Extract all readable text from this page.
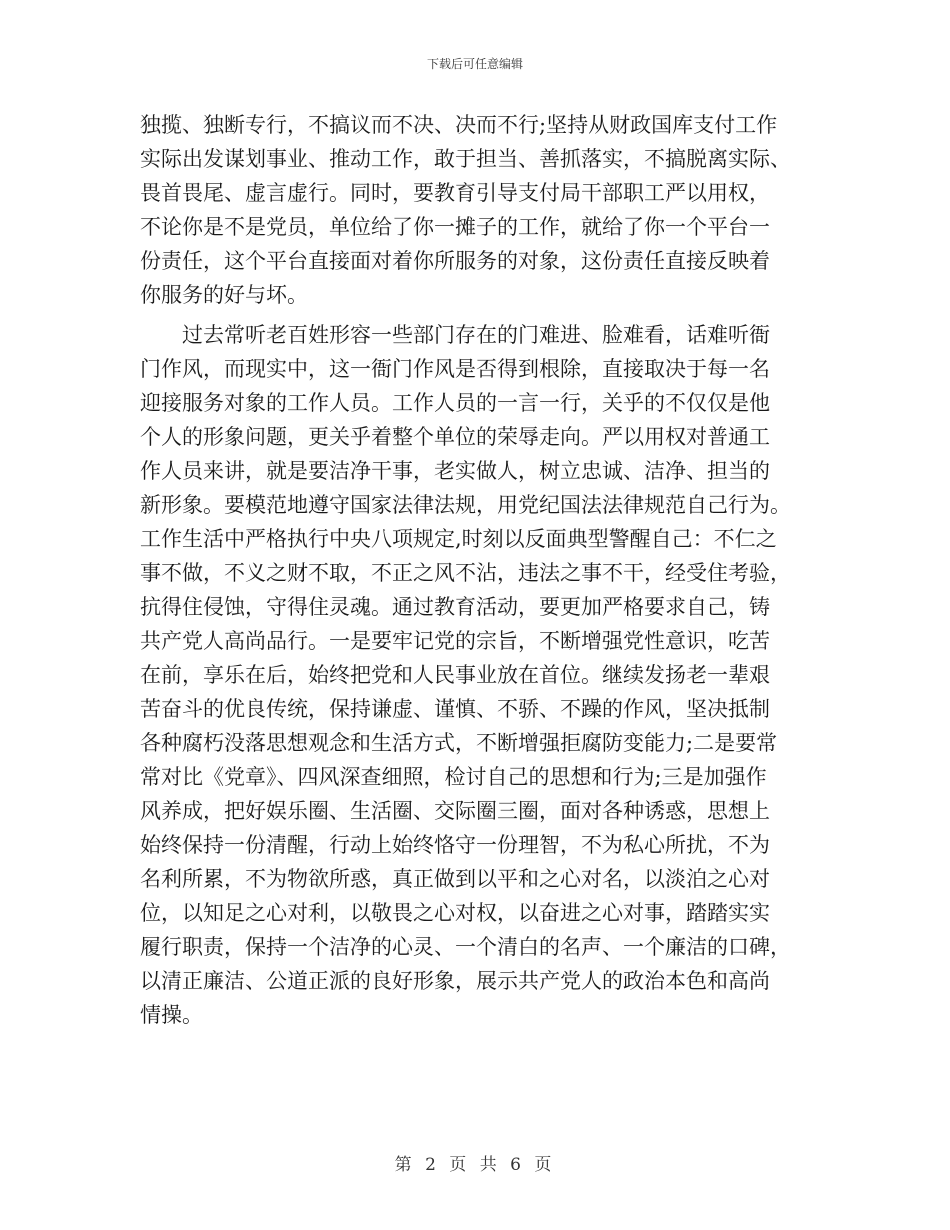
下载后可任意编辑
独揽、独断专行，不搞议而不决、决而不行;坚持从财政国库支付工作
实际出发谋划事业、推动工作，敢于担当、善抓落实，不搞脱离实际、
畏首畏尾、虚言虚行。同时，要教育引导支付局干部职工严以用权，
不论你是不是党员，单位给了你一摊子的工作，就给了你一个平台一
份责任，这个平台直接面对着你所服务的对象，这份责任直接反映着
你服务的好与坏。
　　过去常听老百姓形容一些部门存在的门难进、脸难看，话难听衙
门作风，而现实中，这一衙门作风是否得到根除，直接取决于每一名
迎接服务对象的工作人员。工作人员的一言一行，关乎的不仅仅是他
个人的形象问题，更关乎着整个单位的荣辱走向。严以用权对普通工
作人员来讲，就是要洁净干事，老实做人，树立忠诚、洁净、担当的
新形象。要模范地遵守国家法律法规，用党纪国法法律规范自己行为。
工作生活中严格执行中央八项规定,时刻以反面典型警醒自己：不仁之
事不做，不义之财不取，不正之风不沾，违法之事不干，经受住考验，
抗得住侵蚀，守得住灵魂。通过教育活动，要更加严格要求自己，铸
共产党人高尚品行。一是要牢记党的宗旨，不断增强党性意识，吃苦
在前，享乐在后，始终把党和人民事业放在首位。继续发扬老一辈艰
苦奋斗的优良传统，保持谦虚、谨慎、不骄、不躁的作风，坚决抵制
各种腐朽没落思想观念和生活方式，不断增强拒腐防变能力;二是要常
常对比《党章》、四风深查细照，检讨自己的思想和行为;三是加强作
风养成，把好娱乐圈、生活圈、交际圈三圈，面对各种诱惑，思想上
始终保持一份清醒，行动上始终恪守一份理智，不为私心所扰，不为
名利所累，不为物欲所惑，真正做到以平和之心对名，以淡泊之心对
位，以知足之心对利，以敬畏之心对权，以奋进之心对事，踏踏实实
履行职责，保持一个洁净的心灵、一个清白的名声、一个廉洁的口碑，
以清正廉洁、公道正派的良好形象，展示共产党人的政治本色和高尚
情操。
第 2 页 共 6 页
